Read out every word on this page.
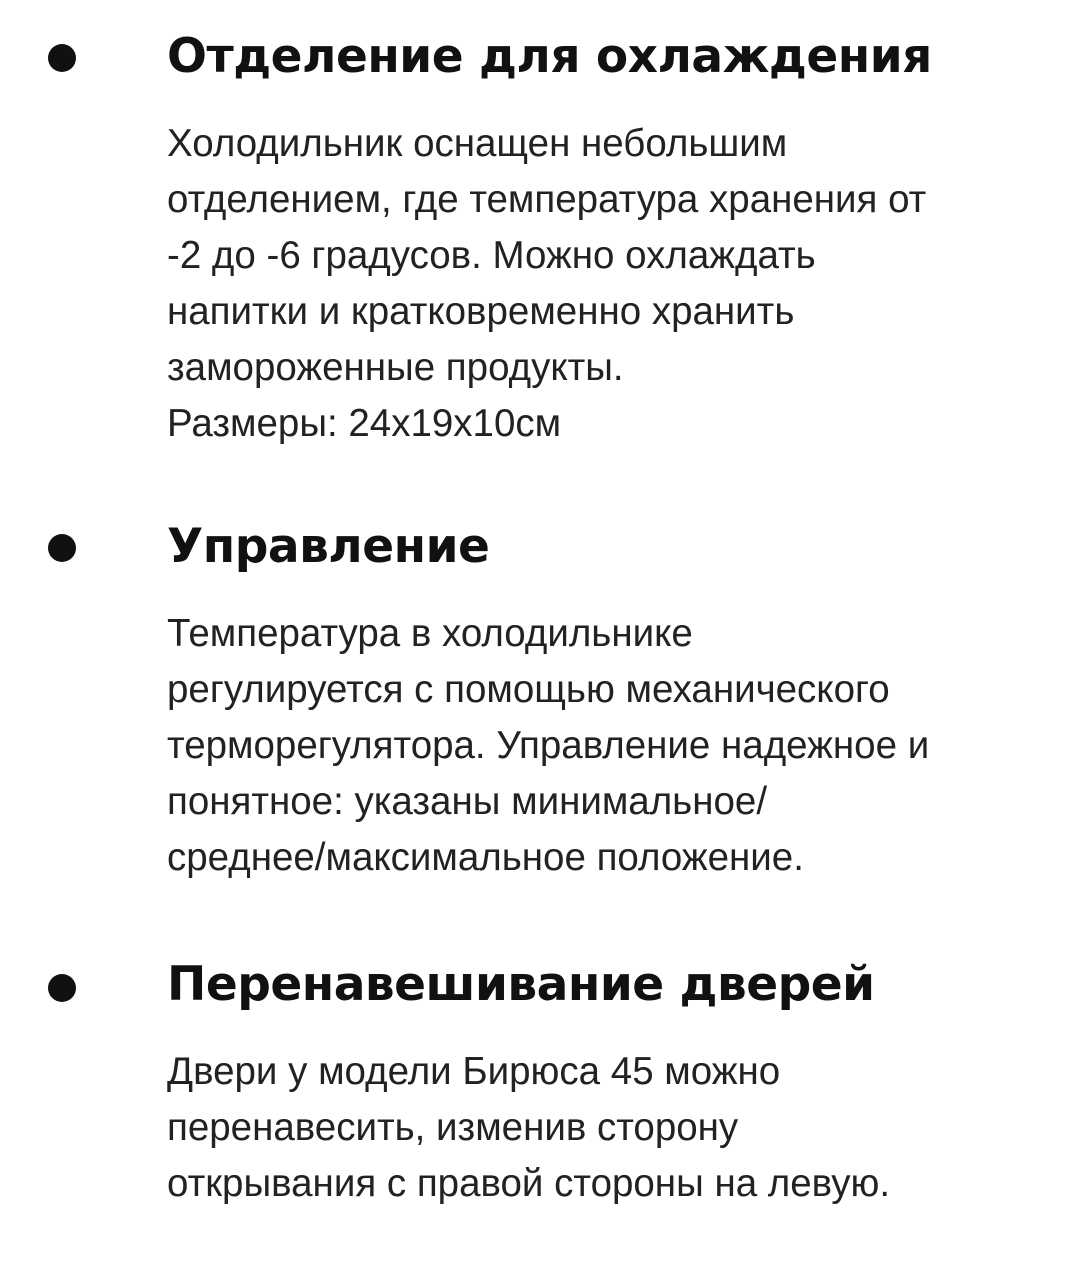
Отделение для охлаждения

Холодильник оснащен небольшим
отделением, где температура хранения от
-2 до -6 градусов. Можно охлаждать
напитки и кратковременно хранить
замороженные продукты.
Размеры: 24х19х10см

Управление

Температура в холодильнике
регулируется с помощью механического
терморегулятора. Управление надежное и
понятное: указаны минимальное/
среднее/максимальное положение.

Перенавешивание дверей

Двери у модели Бирюса 45 можно
перенавесить, изменив сторону
открывания с правой стороны на левую.
